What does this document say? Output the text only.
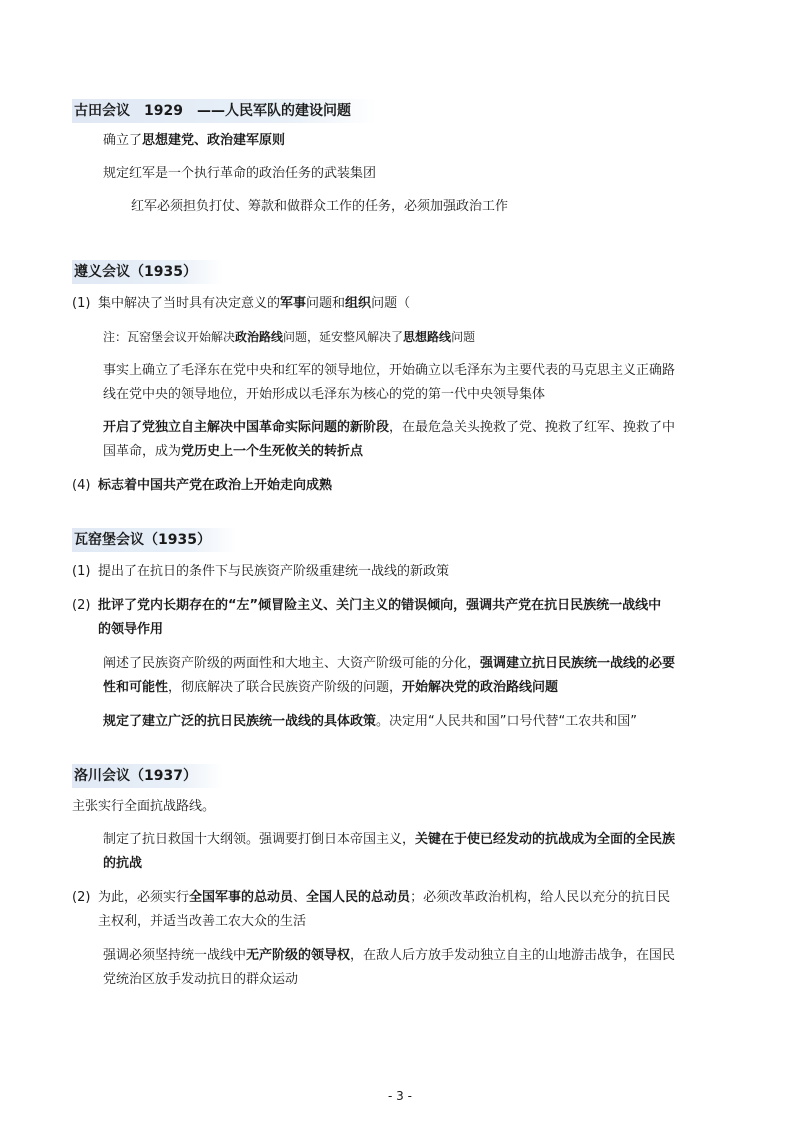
古田会议　1929　——人民军队的建设问题
确立了思想建党、政治建军原则
规定红军是一个执行革命的政治任务的武装集团
红军必须担负打仗、筹款和做群众工作的任务，必须加强政治工作
遵义会议（1935）
(1) 集中解决了当时具有决定意义的军事问题和组织问题（
注：瓦窑堡会议开始解决政治路线问题，延安整风解决了思想路线问题
事实上确立了毛泽东在党中央和红军的领导地位，开始确立以毛泽东为主要代表的马克思主义正确路
线在党中央的领导地位，开始形成以毛泽东为核心的党的第一代中央领导集体
开启了党独立自主解决中国革命实际问题的新阶段，在最危急关头挽救了党、挽救了红军、挽救了中
国革命，成为党历史上一个生死攸关的转折点
(4) 标志着中国共产党在政治上开始走向成熟
瓦窑堡会议（1935）
(1) 提出了在抗日的条件下与民族资产阶级重建统一战线的新政策
(2) 批评了党内长期存在的“左”倾冒险主义、关门主义的错误倾向，强调共产党在抗日民族统一战线中
的领导作用
阐述了民族资产阶级的两面性和大地主、大资产阶级可能的分化，强调建立抗日民族统一战线的必要
性和可能性，彻底解决了联合民族资产阶级的问题，开始解决党的政治路线问题
规定了建立广泛的抗日民族统一战线的具体政策。决定用“人民共和国”口号代替“工农共和国”
洛川会议（1937）
主张实行全面抗战路线。
制定了抗日救国十大纲领。强调要打倒日本帝国主义，关键在于使已经发动的抗战成为全面的全民族
的抗战
(2) 为此，必须实行全国军事的总动员、全国人民的总动员；必须改革政治机构，给人民以充分的抗日民
主权利，并适当改善工农大众的生活
强调必须坚持统一战线中无产阶级的领导权，在敌人后方放手发动独立自主的山地游击战争，在国民
党统治区放手发动抗日的群众运动
- 3 -
